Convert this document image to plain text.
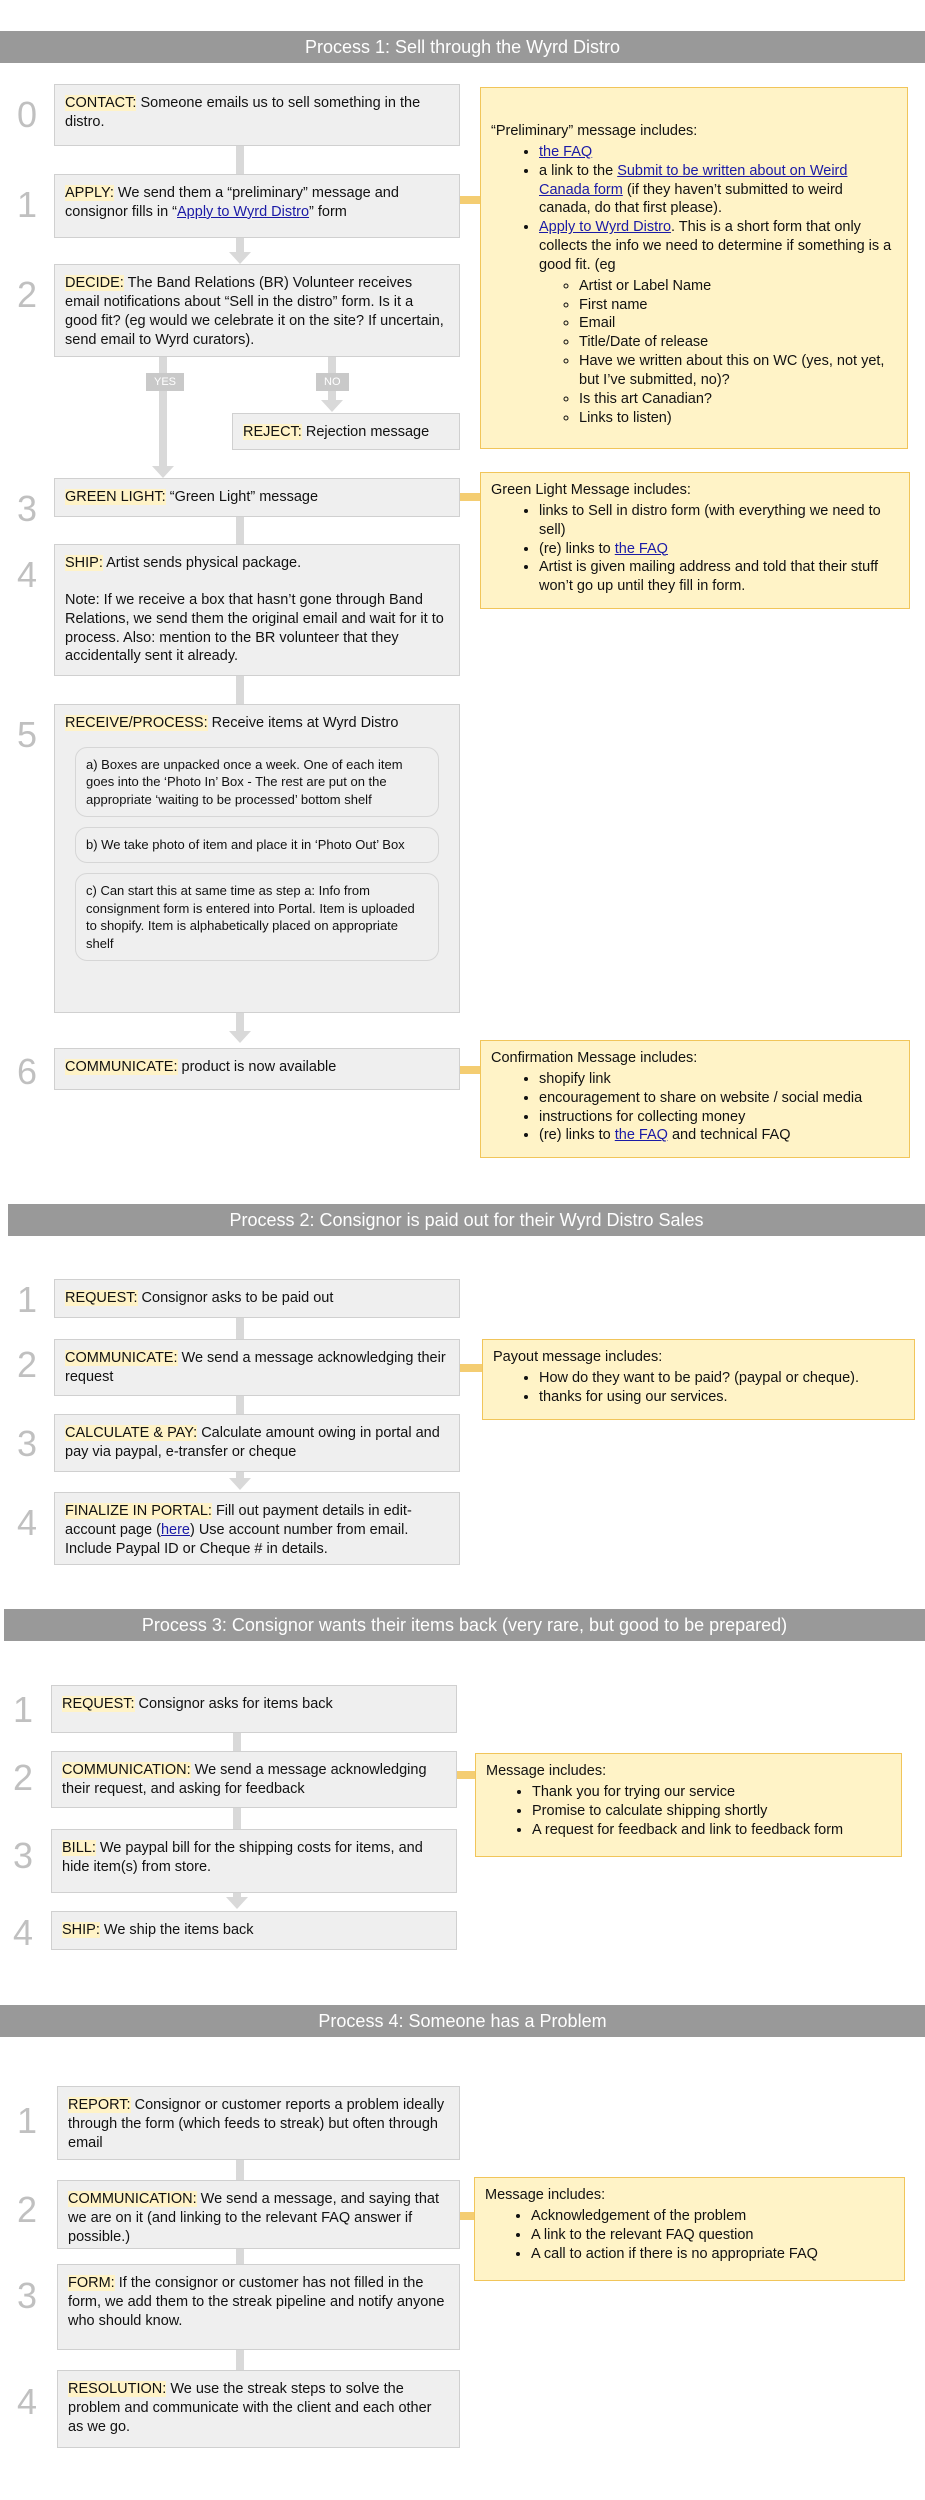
Process 1: Sell through the Wyrd Distro
YES	NO
0	CONTACT: Someone emails us to sell something in the distro.
1	APPLY: We send them a “preliminary” message and consignor fills in “Apply to Wyrd Distro” form
2	DECIDE: The Band Relations (BR) Volunteer receives email notifications about “Sell in the distro” form. Is it a good fit? (eg would we celebrate it on the site? If uncertain, send email to Wyrd curators).
REJECT: Rejection message
3	GREEN LIGHT: “Green Light” message
4	SHIP: Artist sends physical package.
Note: If we receive a box that hasn’t gone through Band Relations, we send them the original email and wait for it to process. Also: mention to the BR volunteer that they accidentally sent it already.
5	RECEIVE/PROCESS: Receive items at Wyrd Distro
a) Boxes are unpacked once a week. One of each item goes into the ‘Photo In’ Box - The rest are put on the appropriate ‘waiting to be processed’ bottom shelf
b) We take photo of item and place it in ‘Photo Out’ Box
c) Can start this at same time as step a: Info from consignment form is entered into Portal. Item is uploaded to shopify. Item is alphabetically placed on appropriate shelf
6	COMMUNICATE: product is now available
“Preliminary” message includes:
• the FAQ
• a link to the Submit to be written about on Weird Canada form (if they haven’t submitted to weird canada, do that first please).
• Apply to Wyrd Distro. This is a short form that only collects the info we need to determine if something is a good fit. (eg
◦ Artist or Label Name
◦ First name
◦ Email
◦ Title/Date of release
◦ Have we written about this on WC (yes, not yet, but I’ve submitted, no)?
◦ Is this art Canadian?
◦ Links to listen)
Green Light Message includes:
• links to Sell in distro form (with everything we need to sell)
• (re) links to the FAQ
• Artist is given mailing address and told that their stuff won’t go up until they fill in form.
Confirmation Message includes:
• shopify link
• encouragement to share on website / social media
• instructions for collecting money
• (re) links to the FAQ and technical FAQ
Process 2: Consignor is paid out for their Wyrd Distro Sales
1	REQUEST: Consignor asks to be paid out
2	COMMUNICATE: We send a message acknowledging their request
3	CALCULATE & PAY: Calculate amount owing in portal and pay via paypal, e-transfer or cheque
4	FINALIZE IN PORTAL: Fill out payment details in edit-account page (here) Use account number from email. Include Paypal ID or Cheque # in details.
Payout message includes:
• How do they want to be paid? (paypal or cheque).
• thanks for using our services.
Process 3: Consignor wants their items back (very rare, but good to be prepared)
1	REQUEST: Consignor asks for items back
2	COMMUNICATION: We send a message acknowledging their request, and asking for feedback
3	BILL: We paypal bill for the shipping costs for items, and hide item(s) from store.
4	SHIP: We ship the items back
Message includes:
• Thank you for trying our service
• Promise to calculate shipping shortly
• A request for feedback and link to feedback form
Process 4: Someone has a Problem
1	REPORT: Consignor or customer reports a problem ideally through the form (which feeds to streak) but often through email
2	COMMUNICATION: We send a message, and saying that we are on it (and linking to the relevant FAQ answer if possible.)
3	FORM: If the consignor or customer has not filled in the form, we add them to the streak pipeline and notify anyone who should know.
4	RESOLUTION: We use the streak steps to solve the problem and communicate with the client and each other as we go.
Message includes:
• Acknowledgement of the problem
• A link to the relevant FAQ question
• A call to action if there is no appropriate FAQ
